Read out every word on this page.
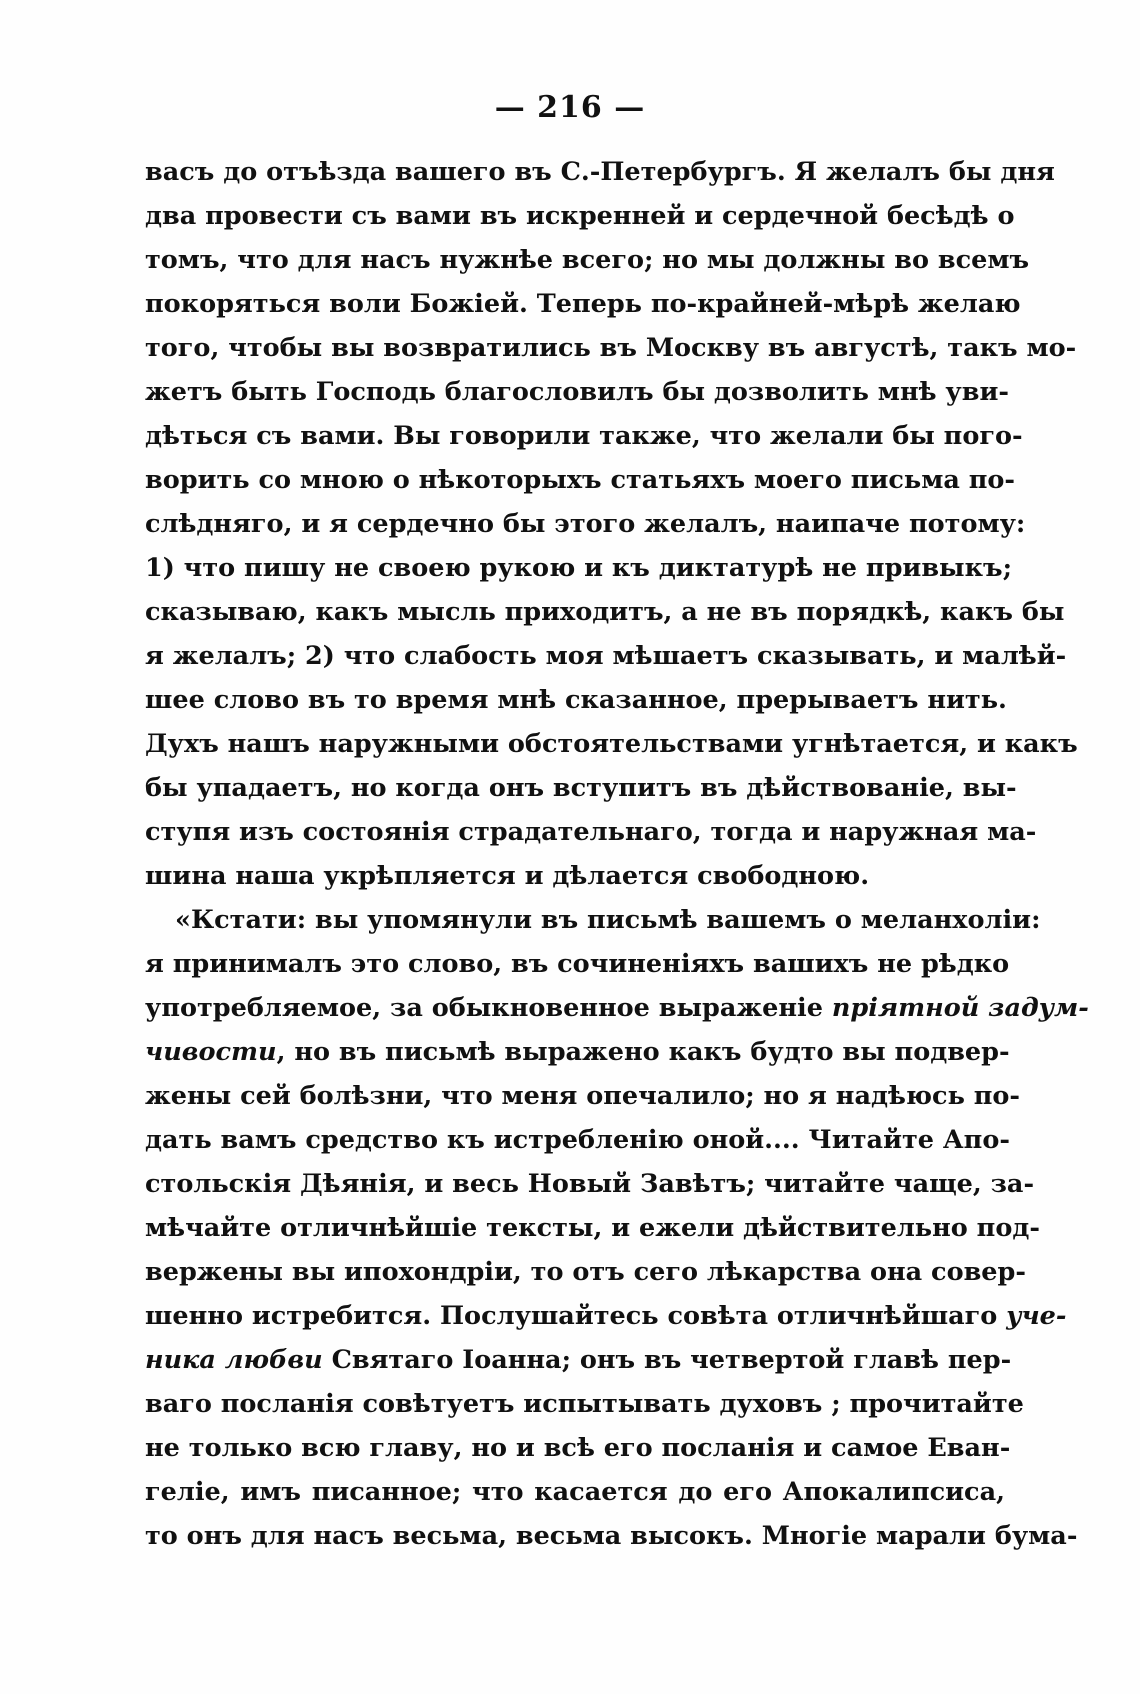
— 216 —
васъ до отъѣзда вашего въ С.-Петербургъ. Я желалъ бы дня
два провести съ вами въ искренней и сердечной бесѣдѣ о
томъ, что для насъ нужнѣе всего; но мы должны во всемъ
покоряться воли Божіей. Теперь по-крайней-мѣрѣ желаю
того, чтобы вы возвратились въ Москву въ августѣ, такъ мо-
жетъ быть Господь благословилъ бы дозволить мнѣ уви-
дѣться съ вами. Вы говорили также, что желали бы пого-
ворить со мною о нѣкоторыхъ статьяхъ моего письма по-
слѣдняго, и я сердечно бы этого желалъ, наипаче потому:
1) что пишу не своею рукою и къ диктатурѣ не привыкъ;
сказываю, какъ мысль приходитъ, а не въ порядкѣ, какъ бы
я желалъ; 2) что слабость моя мѣшаетъ сказывать, и малѣй-
шее слово въ то время мнѣ сказанное, прерываетъ нить.
Духъ нашъ наружными обстоятельствами угнѣтается, и какъ
бы упадаетъ, но когда онъ вступитъ въ дѣйствованіе, вы-
ступя изъ состоянія страдательнаго, тогда и наружная ма-
шина наша укрѣпляется и дѣлается свободною.
«Кстати: вы упомянули въ письмѣ вашемъ о меланхоліи:
я принималъ это слово, въ сочиненіяхъ вашихъ не рѣдко
употребляемое, за обыкновенное выраженіе пріятной задум-
чивости, но въ письмѣ выражено какъ будто вы подвер-
жены сей болѣзни, что меня опечалило; но я надѣюсь по-
дать вамъ средство къ истребленію оной.... Читайте Апо-
стольскія Дѣянія, и весь Новый Завѣтъ; читайте чаще, за-
мѣчайте отличнѣйшіе тексты, и ежели дѣйствительно под-
вержены вы ипохондріи, то отъ сего лѣкарства она совер-
шенно истребится. Послушайтесь совѣта отличнѣйшаго уче-
ника любви Святаго Іоанна; онъ въ четвертой главѣ пер-
ваго посланія совѣтуетъ испытывать духовъ ; прочитайте
не только всю главу, но и всѣ его посланія и самое Еван-
геліе, имъ писанное; что касается до его Апокалипсиса,
то онъ для насъ весьма, весьма высокъ. Многіе марали бума-
